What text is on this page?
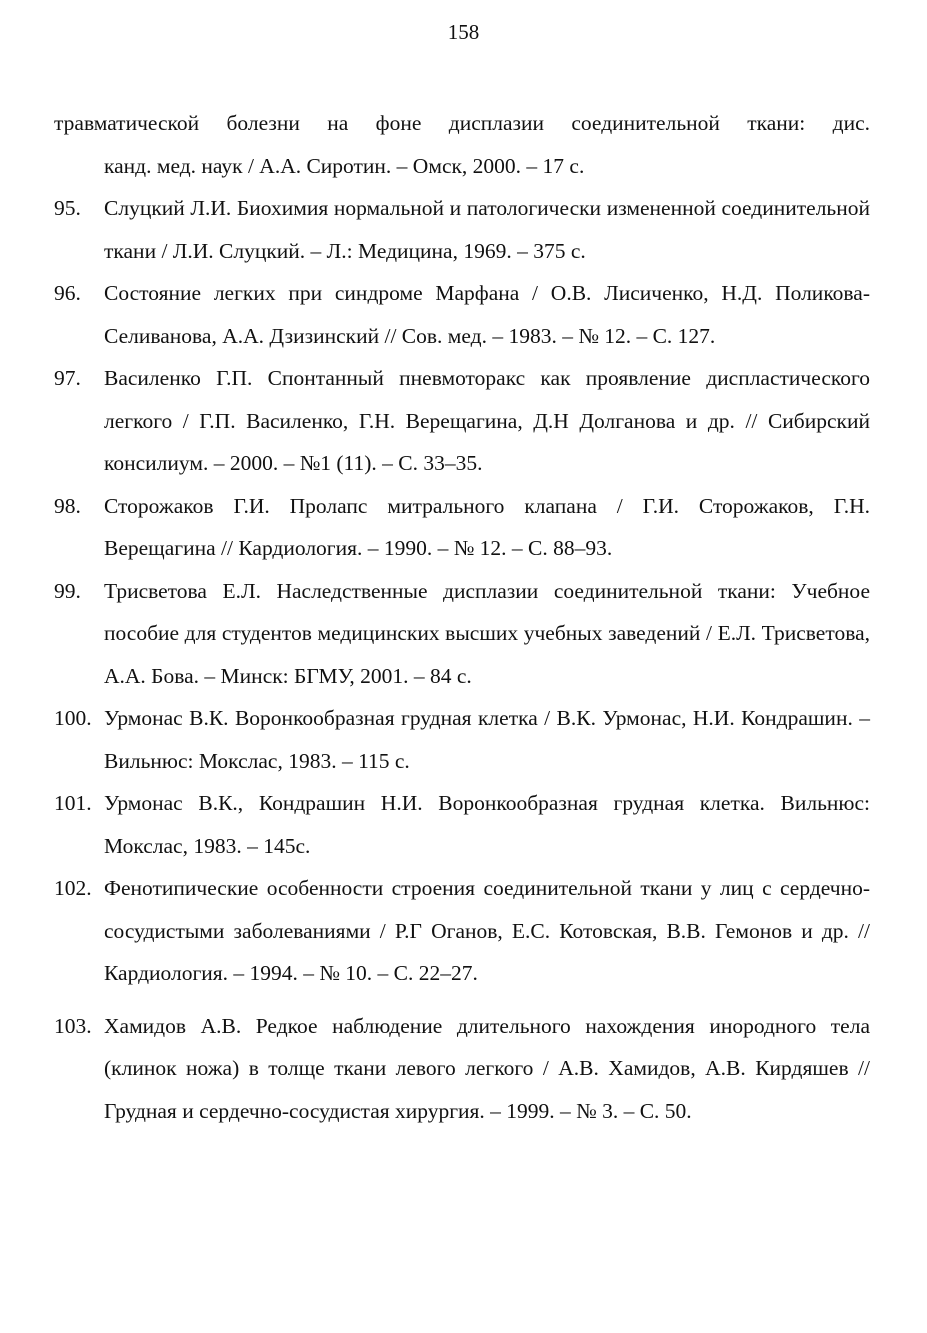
158
травматической болезни на фоне дисплазии соединительной ткани: дис.
канд. мед. наук / А.А. Сиротин. – Омск, 2000. – 17 с.
95.	Слуцкий Л.И. Биохимия нормальной и патологически измененной соединительной ткани / Л.И. Слуцкий. – Л.: Медицина, 1969. – 375 с.
96.	Состояние легких при синдроме Марфана / О.В. Лисиченко, Н.Д. Поликова-Селиванова, А.А. Дзизинский // Сов. мед. – 1983. – № 12. – С. 127.
97.	Василенко Г.П. Спонтанный пневмоторакс как проявление диспластического легкого / Г.П. Василенко, Г.Н. Верещагина, Д.Н Долганова и др. // Сибирский консилиум. – 2000. – №1 (11). – С. 33–35.
98.	Сторожаков Г.И. Пролапс митрального клапана / Г.И. Сторожаков, Г.Н. Верещагина // Кардиология. – 1990. – № 12. – С. 88–93.
99.	Трисветова Е.Л. Наследственные дисплазии соединительной ткани: Учебное пособие для студентов медицинских высших учебных заведений / Е.Л. Трисветова, А.А. Бова. – Минск: БГМУ, 2001. – 84 с.
100. Урмонас В.К. Воронкообразная грудная клетка / В.К. Урмонас, Н.И. Кондрашин. – Вильнюс: Мокслас, 1983. – 115 с.
101. Урмонас В.К., Кондрашин Н.И. Воронкообразная грудная клетка. Вильнюс: Мокслас, 1983. – 145с.
102. Фенотипические особенности строения соединительной ткани у лиц с сердечно-сосудистыми заболеваниями / Р.Г Оганов, Е.С. Котовская, В.В. Гемонов и др. // Кардиология. – 1994. – № 10. – С. 22–27.
103. Хамидов А.В. Редкое наблюдение длительного нахождения инородного тела (клинок ножа) в толще ткани левого легкого / А.В. Хамидов, А.В. Кирдяшев // Грудная и сердечно-сосудистая хирургия. – 1999. – № 3. – С. 50.
